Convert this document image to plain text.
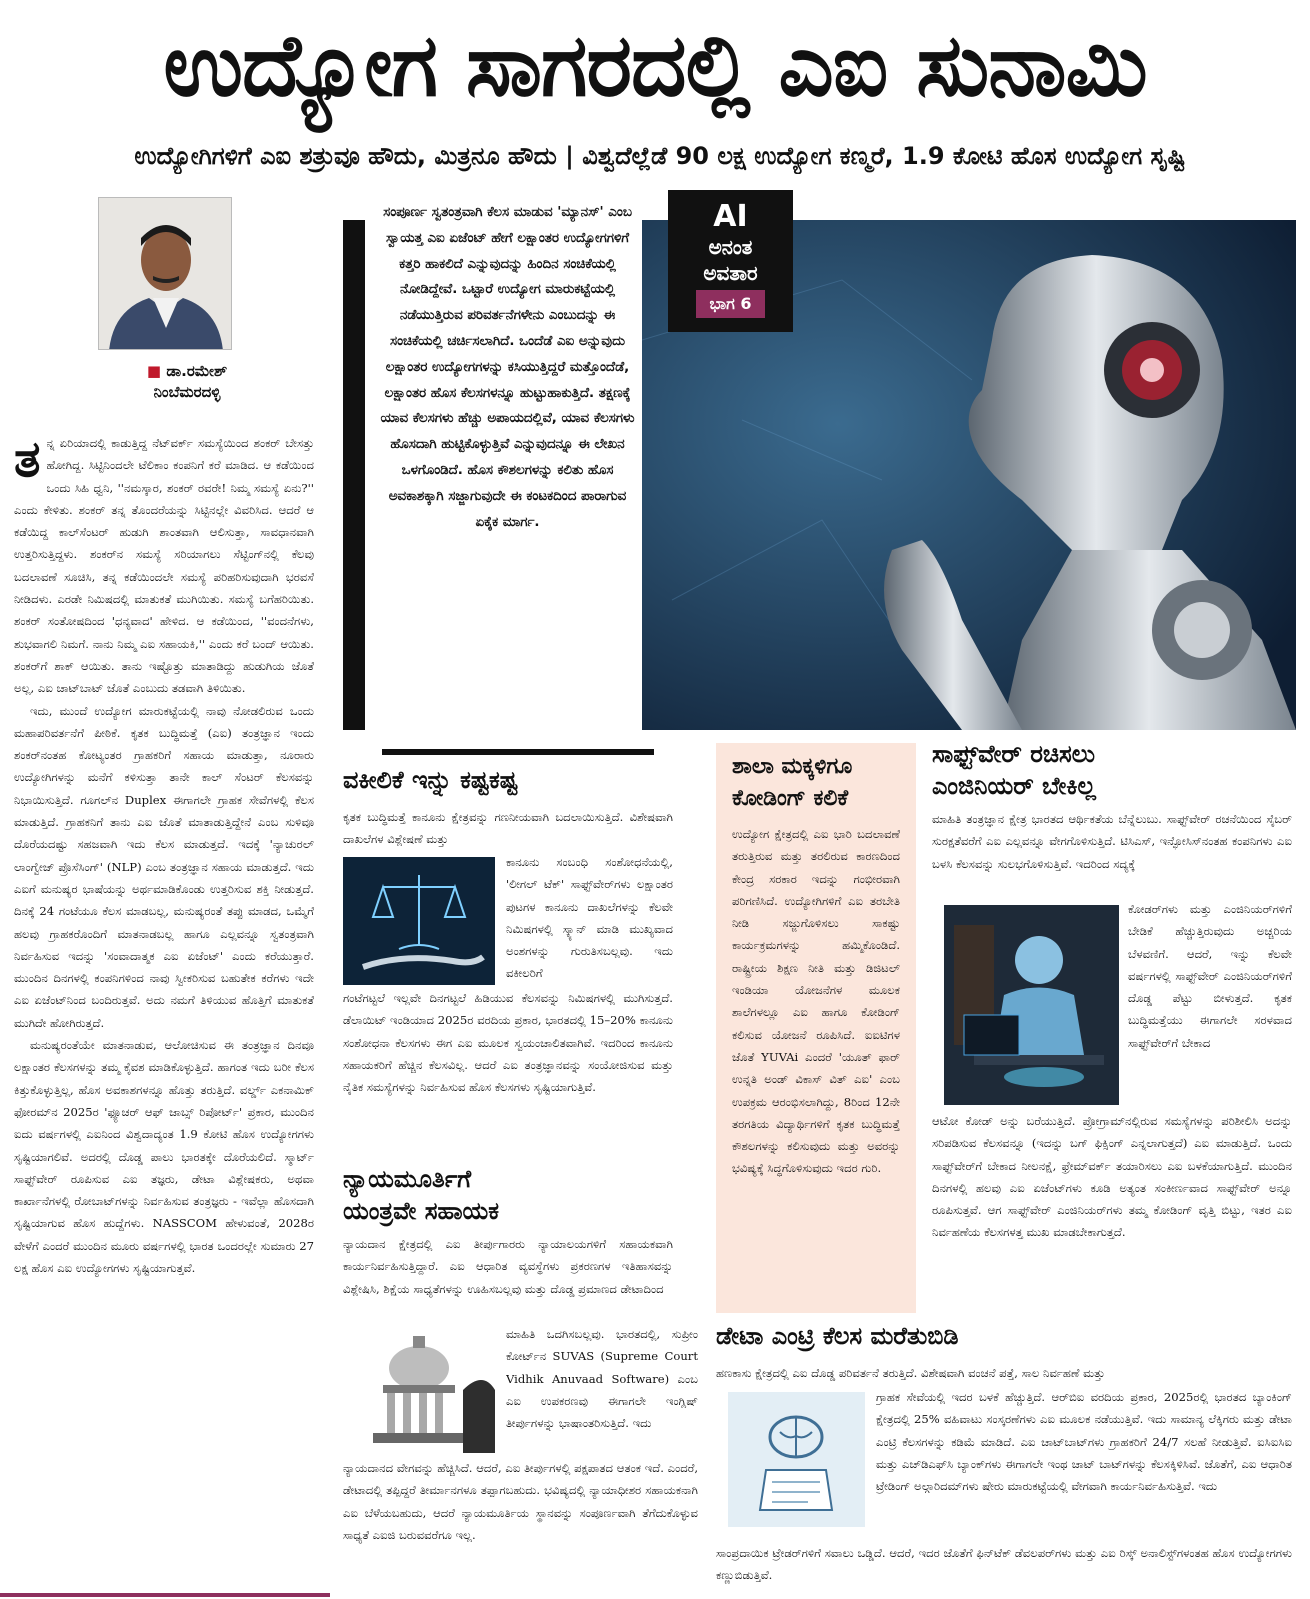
ಉದ್ಯೋಗ ಸಾಗರದಲ್ಲಿ ಎಐ ಸುನಾಮಿ
ಉದ್ಯೋಗಿಗಳಿಗೆ ಎಐ ಶತ್ರುವೂ ಹೌದು, ಮಿತ್ರನೂ ಹೌದು | ವಿಶ್ವದೆಲ್ಲೆಡೆ 90 ಲಕ್ಷ ಉದ್ಯೋಗ ಕಣ್ಮರೆ, 1.9 ಕೋಟಿ ಹೊಸ ಉದ್ಯೋಗ ಸೃಷ್ಟಿ
■ ಡಾ.ರಮೇಶ್
ನಿಂಬೆಮರದಳ್ಳಿ

ತನ್ನ ಏರಿಯಾದಲ್ಲಿ ಕಾಡುತ್ತಿದ್ದ ನೆಟ್‌ವರ್ಕ್ ಸಮಸ್ಯೆಯಿಂದ ಶಂಕರ್ ಬೇಸತ್ತು ಹೋಗಿದ್ದ. ಸಿಟ್ಟಿನಿಂದಲೇ ಟೆಲಿಕಾಂ ಕಂಪನಿಗೆ ಕರೆ ಮಾಡಿದ. ಆ ಕಡೆಯಿಂದ ಒಂದು ಸಿಹಿ ಧ್ವನಿ, ''ನಮಸ್ಕಾರ, ಶಂಕರ್ ರವರೇ! ನಿಮ್ಮ ಸಮಸ್ಯೆ ಏನು?'' ಎಂದು ಕೇಳಿತು. ಶಂಕರ್ ತನ್ನ ತೊಂದರೆಯನ್ನು ಸಿಟ್ಟಿನಲ್ಲೇ ವಿವರಿಸಿದ. ಆದರೆ ಆ ಕಡೆಯಿದ್ದ ಕಾಲ್‌ಸೆಂಟರ್ ಹುಡುಗಿ ಶಾಂತವಾಗಿ ಆಲಿಸುತ್ತಾ, ಸಾವಧಾನವಾಗಿ ಉತ್ತರಿಸುತ್ತಿದ್ದಳು. ಶಂಕರ್‌ನ ಸಮಸ್ಯೆ ಸರಿಯಾಗಲು ಸೆಟ್ಟಿಂಗ್‌ನಲ್ಲಿ ಕೆಲವು ಬದಲಾವಣೆ ಸೂಚಿಸಿ, ತನ್ನ ಕಡೆಯಿಂದಲೇ ಸಮಸ್ಯೆ ಪರಿಹರಿಸುವುದಾಗಿ ಭರವಸೆ ನೀಡಿದಳು. ಎರಡೇ ನಿಮಿಷದಲ್ಲಿ ಮಾತುಕತೆ ಮುಗಿಯಿತು. ಸಮಸ್ಯೆ ಬಗೆಹರಿಯಿತು. ಶಂಕರ್ ಸಂತೋಷದಿಂದ 'ಧನ್ಯವಾದ' ಹೇಳಿದ. ಆ ಕಡೆಯಿಂದ, ''ವಂದನೆಗಳು, ಶುಭವಾಗಲಿ ನಿಮಗೆ. ನಾನು ನಿಮ್ಮ ಎಐ ಸಹಾಯಕಿ,'' ಎಂದು ಕರೆ ಬಂದ್ ಆಯಿತು. ಶಂಕರ್‌ಗೆ ಶಾಕ್ ಆಯಿತು. ತಾನು ಇಷ್ಟೊತ್ತು ಮಾತಾಡಿದ್ದು ಹುಡುಗಿಯ ಜೊತೆ ಅಲ್ಲ, ಎಐ ಚಾಟ್‌ಬಾಟ್ ಜೊತೆ ಎಂಬುದು ತಡವಾಗಿ ತಿಳಿಯಿತು.

ಇದು, ಮುಂದೆ ಉದ್ಯೋಗ ಮಾರುಕಟ್ಟೆಯಲ್ಲಿ ನಾವು ನೋಡಲಿರುವ ಒಂದು ಮಹಾಪರಿವರ್ತನೆಗೆ ಪೀಠಿಕೆ. ಕೃತಕ ಬುದ್ಧಿಮತ್ತೆ (ಎಐ) ತಂತ್ರಜ್ಞಾನ ಇಂದು ಶಂಕರ್‌ನಂತಹ ಕೋಟ್ಯಂತರ ಗ್ರಾಹಕರಿಗೆ ಸಹಾಯ ಮಾಡುತ್ತಾ, ನೂರಾರು ಉದ್ಯೋಗಿಗಳನ್ನು ಮನೆಗೆ ಕಳಿಸುತ್ತಾ ತಾನೇ ಕಾಲ್ ಸೆಂಟರ್ ಕೆಲಸವನ್ನು ನಿಭಾಯಿಸುತ್ತಿದೆ. ಗೂಗಲ್‌ನ Duplex ಈಗಾಗಲೇ ಗ್ರಾಹಕ ಸೇವೆಗಳಲ್ಲಿ ಕೆಲಸ ಮಾಡುತ್ತಿದೆ. ಗ್ರಾಹಕನಿಗೆ ತಾನು ಎಐ ಜೊತೆ ಮಾತಾಡುತ್ತಿದ್ದೇನೆ ಎಂಬ ಸುಳಿವೂ ದೊರೆಯದಷ್ಟು ಸಹಜವಾಗಿ ಇದು ಕೆಲಸ ಮಾಡುತ್ತದೆ. ಇದಕ್ಕೆ 'ನ್ಯಾಚುರಲ್ ಲಾಂಗ್ವೇಜ್ ಪ್ರೊಸೆಸಿಂಗ್' (NLP) ಎಂಬ ತಂತ್ರಜ್ಞಾನ ಸಹಾಯ ಮಾಡುತ್ತದೆ. ಇದು ಎಐಗೆ ಮನುಷ್ಯರ ಭಾಷೆಯನ್ನು ಅರ್ಥಮಾಡಿಕೊಂಡು ಉತ್ತರಿಸುವ ಶಕ್ತಿ ನೀಡುತ್ತದೆ. ದಿನಕ್ಕೆ 24 ಗಂಟೆಯೂ ಕೆಲಸ ಮಾಡಬಲ್ಲ, ಮನುಷ್ಯರಂತೆ ತಪ್ಪು ಮಾಡದ, ಒಮ್ಮೆಗೆ ಹಲವು ಗ್ರಾಹಕರೊಂದಿಗೆ ಮಾತನಾಡಬಲ್ಲ ಹಾಗೂ ಎಲ್ಲವನ್ನೂ ಸ್ವತಂತ್ರವಾಗಿ ನಿರ್ವಹಿಸುವ ಇದನ್ನು 'ಸಂವಾದಾತ್ಮಕ ಎಐ ಏಜೆಂಟ್' ಎಂದು ಕರೆಯುತ್ತಾರೆ. ಮುಂದಿನ ದಿನಗಳಲ್ಲಿ ಕಂಪನಿಗಳಿಂದ ನಾವು ಸ್ವೀಕರಿಸುವ ಬಹುತೇಕ ಕರೆಗಳು ಇದೇ ಎಐ ಏಜೆಂಟ್‌ನಿಂದ ಬಂದಿರುತ್ತವೆ. ಅದು ನಮಗೆ ತಿಳಿಯುವ ಹೊತ್ತಿಗೆ ಮಾತುಕತೆ ಮುಗಿದೇ ಹೋಗಿರುತ್ತದೆ.

ಮನುಷ್ಯರಂತೆಯೇ ಮಾತನಾಡುವ, ಆಲೋಚಿಸುವ ಈ ತಂತ್ರಜ್ಞಾನ ದಿನವೂ ಲಕ್ಷಾಂತರ ಕೆಲಸಗಳನ್ನು ತಮ್ಮ ಕೈವಶ ಮಾಡಿಕೊಳ್ಳುತ್ತಿದೆ. ಹಾಗಂತ ಇದು ಬರೀ ಕೆಲಸ ಕಿತ್ತುಕೊಳ್ಳುತ್ತಿಲ್ಲ, ಹೊಸ ಅವಕಾಶಗಳನ್ನೂ ಹೊತ್ತು ತರುತ್ತಿದೆ. ವರ್ಲ್ಡ್ ಎಕನಾಮಿಕ್ ಫೋರಮ್‌ನ 2025ರ 'ಫ್ಯೂಚರ್ ಆಫ್ ಜಾಬ್ಸ್ ರಿಪೋರ್ಟ್' ಪ್ರಕಾರ, ಮುಂದಿನ ಐದು ವರ್ಷಗಳಲ್ಲಿ ಎಐನಿಂದ ವಿಶ್ವದಾದ್ಯಂತ 1.9 ಕೋಟಿ ಹೊಸ ಉದ್ಯೋಗಗಳು ಸೃಷ್ಟಿಯಾಗಲಿವೆ. ಅದರಲ್ಲಿ ದೊಡ್ಡ ಪಾಲು ಭಾರತಕ್ಕೇ ದೊರೆಯಲಿದೆ. ಸ್ಮಾರ್ಟ್ ಸಾಫ್ಟ್‌ವೇರ್ ರೂಪಿಸುವ ಎಐ ತಜ್ಞರು, ಡೇಟಾ ವಿಶ್ಲೇಷಕರು, ಅಥವಾ ಕಾರ್ಖಾನೆಗಳಲ್ಲಿ ರೋಬಾಟ್‌ಗಳನ್ನು ನಿರ್ವಹಿಸುವ ತಂತ್ರಜ್ಞರು - ಇವೆಲ್ಲಾ ಹೊಸದಾಗಿ ಸೃಷ್ಟಿಯಾಗುವ ಹೊಸ ಹುದ್ದೆಗಳು. NASSCOM ಹೇಳುವಂತೆ, 2028ರ ವೇಳೆಗೆ ಎಂದರೆ ಮುಂದಿನ ಮೂರು ವರ್ಷಗಳಲ್ಲಿ ಭಾರತ ಒಂದರಲ್ಲೇ ಸುಮಾರು 27 ಲಕ್ಷ ಹೊಸ ಎಐ ಉದ್ಯೋಗಗಳು ಸೃಷ್ಟಿಯಾಗುತ್ತವೆ.

ಸಂಪೂರ್ಣ ಸ್ವತಂತ್ರವಾಗಿ ಕೆಲಸ ಮಾಡುವ 'ಮ್ಯಾನಸ್' ಎಂಬ ಸ್ವಾಯತ್ತ ಎಐ ಏಜೆಂಟ್ ಹೇಗೆ ಲಕ್ಷಾಂತರ ಉದ್ಯೋಗಗಳಿಗೆ ಕತ್ತರಿ ಹಾಕಲಿದೆ ಎನ್ನುವುದನ್ನು ಹಿಂದಿನ ಸಂಚಿಕೆಯಲ್ಲಿ ನೋಡಿದ್ದೇವೆ. ಒಟ್ಟಾರೆ ಉದ್ಯೋಗ ಮಾರುಕಟ್ಟೆಯಲ್ಲಿ ನಡೆಯುತ್ತಿರುವ ಪರಿವರ್ತನೆಗಳೇನು ಎಂಬುದನ್ನು ಈ ಸಂಚಿಕೆಯಲ್ಲಿ ಚರ್ಚಿಸಲಾಗಿದೆ. ಒಂದೆಡೆ ಎಐ ಅನ್ನುವುದು ಲಕ್ಷಾಂತರ ಉದ್ಯೋಗಗಳನ್ನು ಕಸಿಯುತ್ತಿದ್ದರೆ ಮತ್ತೊಂದೆಡೆ, ಲಕ್ಷಾಂತರ ಹೊಸ ಕೆಲಸಗಳನ್ನೂ ಹುಟ್ಟುಹಾಕುತ್ತಿದೆ. ತಕ್ಷಣಕ್ಕೆ ಯಾವ ಕೆಲಸಗಳು ಹೆಚ್ಚು ಅಪಾಯದಲ್ಲಿವೆ, ಯಾವ ಕೆಲಸಗಳು ಹೊಸದಾಗಿ ಹುಟ್ಟಿಕೊಳ್ಳುತ್ತಿವೆ ಎನ್ನುವುದನ್ನೂ ಈ ಲೇಖನ ಒಳಗೊಂಡಿದೆ. ಹೊಸ ಕೌಶಲಗಳನ್ನು ಕಲಿತು ಹೊಸ ಅವಕಾಶಕ್ಕಾಗಿ ಸಜ್ಜಾಗುವುದೇ ಈ ಕಂಟಕದಿಂದ ಪಾರಾಗುವ ಏಕೈಕ ಮಾರ್ಗ.

AI
ಅನಂತ
ಅವತಾರ
ಭಾಗ 6
ವಕೀಲಿಕೆ ಇನ್ನು ಕಷ್ಟಕಷ್ಟ
ಕೃತಕ ಬುದ್ಧಿಮತ್ತೆ ಕಾನೂನು ಕ್ಷೇತ್ರವನ್ನು ಗಣನೀಯವಾಗಿ ಬದಲಾಯಿಸುತ್ತಿದೆ. ವಿಶೇಷವಾಗಿ ದಾಖಲೆಗಳ ವಿಶ್ಲೇಷಣೆ ಮತ್ತು
ಕಾನೂನು ಸಂಬಂಧಿ ಸಂಶೋಧನೆಯಲ್ಲಿ, 'ಲೀಗಲ್ ಟೆಕ್' ಸಾಫ್ಟ್‌ವೇರ್‌ಗಳು ಲಕ್ಷಾಂತರ ಪುಟಗಳ ಕಾನೂನು ದಾಖಲೆಗಳನ್ನು ಕೆಲವೇ ನಿಮಿಷಗಳಲ್ಲಿ ಸ್ಕ್ಯಾನ್ ಮಾಡಿ ಮುಖ್ಯವಾದ ಅಂಶಗಳನ್ನು ಗುರುತಿಸಬಲ್ಲವು. ಇದು ವಕೀಲರಿಗೆ
ಗಂಟೆಗಟ್ಟಲೆ ಇಲ್ಲವೇ ದಿನಗಟ್ಟಲೆ ಹಿಡಿಯುವ ಕೆಲಸವನ್ನು ನಿಮಿಷಗಳಲ್ಲಿ ಮುಗಿಸುತ್ತದೆ. ಡೆಲಾಯಿಟ್ ಇಂಡಿಯಾದ 2025ರ ವರದಿಯ ಪ್ರಕಾರ, ಭಾರತದಲ್ಲಿ 15–20% ಕಾನೂನು ಸಂಶೋಧನಾ ಕೆಲಸಗಳು ಈಗ ಎಐ ಮೂಲಕ ಸ್ವಯಂಚಾಲಿತವಾಗಿವೆ. ಇದರಿಂದ ಕಾನೂನು ಸಹಾಯಕರಿಗೆ ಹೆಚ್ಚಿನ ಕೆಲಸವಿಲ್ಲ. ಆದರೆ ಎಐ ತಂತ್ರಜ್ಞಾನವನ್ನು ಸಂಯೋಜಿಸುವ ಮತ್ತು ನೈತಿಕ ಸಮಸ್ಯೆಗಳನ್ನು ನಿರ್ವಹಿಸುವ ಹೊಸ ಕೆಲಸಗಳು ಸೃಷ್ಟಿಯಾಗುತ್ತಿವೆ.
ನ್ಯಾಯಮೂರ್ತಿಗೆ
ಯಂತ್ರವೇ ಸಹಾಯಕ
ನ್ಯಾಯದಾನ ಕ್ಷೇತ್ರದಲ್ಲಿ ಎಐ ತೀರ್ಪುಗಾರರು ನ್ಯಾಯಾಲಯಗಳಿಗೆ ಸಹಾಯಕವಾಗಿ ಕಾರ್ಯನಿರ್ವಹಿಸುತ್ತಿದ್ದಾರೆ. ಎಐ ಆಧಾರಿತ ವ್ಯವಸ್ಥೆಗಳು ಪ್ರಕರಣಗಳ ಇತಿಹಾಸವನ್ನು ವಿಶ್ಲೇಷಿಸಿ, ಶಿಕ್ಷೆಯ ಸಾಧ್ಯತೆಗಳನ್ನು ಊಹಿಸಬಲ್ಲವು ಮತ್ತು ದೊಡ್ಡ ಪ್ರಮಾಣದ ಡೇಟಾದಿಂದ
ಮಾಹಿತಿ ಒದಗಿಸಬಲ್ಲವು. ಭಾರತದಲ್ಲಿ, ಸುಪ್ರೀಂ ಕೋರ್ಟ್‌ನ SUVAS (Supreme Court Vidhik Anuvaad Software) ಎಂಬ ಎಐ ಉಪಕರಣವು ಈಗಾಗಲೇ ಇಂಗ್ಲಿಷ್ ತೀರ್ಪುಗಳನ್ನು ಭಾಷಾಂತರಿಸುತ್ತಿದೆ. ಇದು
ನ್ಯಾಯದಾನದ ವೇಗವನ್ನು ಹೆಚ್ಚಿಸಿದೆ. ಆದರೆ, ಎಐ ತೀರ್ಪುಗಳಲ್ಲಿ ಪಕ್ಷಪಾತದ ಆತಂಕ ಇದೆ. ಎಂದರೆ, ಡೇಟಾದಲ್ಲಿ ತಪ್ಪಿದ್ದರೆ ತೀರ್ಮಾನಗಳೂ ತಪ್ಪಾಗಬಹುದು. ಭವಿಷ್ಯದಲ್ಲಿ ನ್ಯಾಯಾಧೀಶರ ಸಹಾಯಕನಾಗಿ ಎಐ ಬೆಳೆಯಬಹುದು, ಆದರೆ ನ್ಯಾಯಮೂರ್ತಿಯ ಸ್ಥಾನವನ್ನು ಸಂಪೂರ್ಣವಾಗಿ ತೆಗೆದುಕೊಳ್ಳುವ ಸಾಧ್ಯತೆ ಎಐಜಿ ಬರುವವರೆಗೂ ಇಲ್ಲ.
ಶಾಲಾ ಮಕ್ಕಳಿಗೂ
ಕೋಡಿಂಗ್ ಕಲಿಕೆ

ಉದ್ಯೋಗ ಕ್ಷೇತ್ರದಲ್ಲಿ ಎಐ ಭಾರಿ ಬದಲಾವಣೆ ತರುತ್ತಿರುವ ಮತ್ತು ತರಲಿರುವ ಕಾರಣದಿಂದ ಕೇಂದ್ರ ಸರಕಾರ ಇದನ್ನು ಗಂಭೀರವಾಗಿ ಪರಿಗಣಿಸಿದೆ. ಉದ್ಯೋಗಿಗಳಿಗೆ ಎಐ ತರಬೇತಿ ನೀಡಿ ಸಜ್ಜುಗೊಳಿಸಲು ಸಾಕಷ್ಟು ಕಾರ್ಯಕ್ರಮಗಳನ್ನು ಹಮ್ಮಿಕೊಂಡಿದೆ. ರಾಷ್ಟ್ರೀಯ ಶಿಕ್ಷಣ ನೀತಿ ಮತ್ತು ಡಿಜಿಟಲ್ ಇಂಡಿಯಾ ಯೋಜನೆಗಳ ಮೂಲಕ ಶಾಲೆಗಳಲ್ಲೂ ಎಐ ಹಾಗೂ ಕೋಡಿಂಗ್ ಕಲಿಸುವ ಯೋಜನೆ ರೂಪಿಸಿದೆ. ಐಐಟಿಗಳ ಜೊತೆ YUVAi ಎಂದರೆ 'ಯೂತ್ ಫಾರ್ ಉನ್ನತಿ ಅಂಡ್ ವಿಕಾಸ್ ವಿತ್ ಎಐ' ಎಂಬ ಉಪಕ್ರಮ ಆರಂಭಿಸಲಾಗಿದ್ದು, 8ರಿಂದ 12ನೇ ತರಗತಿಯ ವಿದ್ಯಾರ್ಥಿಗಳಿಗೆ ಕೃತಕ ಬುದ್ಧಿಮತ್ತೆ ಕೌಶಲಗಳನ್ನು ಕಲಿಸುವುದು ಮತ್ತು ಅವರನ್ನು ಭವಿಷ್ಯಕ್ಕೆ ಸಿದ್ಧಗೊಳಿಸುವುದು ಇದರ ಗುರಿ.

ಸಾಫ್ಟ್‌ವೇರ್ ರಚಿಸಲು
ಎಂಜಿನಿಯರ್ ಬೇಕಿಲ್ಲ
ಮಾಹಿತಿ ತಂತ್ರಜ್ಞಾನ ಕ್ಷೇತ್ರ ಭಾರತದ ಆರ್ಥಿಕತೆಯ ಬೆನ್ನೆಲುಬು. ಸಾಫ್ಟ್‌ವೇರ್ ರಚನೆಯಿಂದ ಸೈಬರ್ ಸುರಕ್ಷತೆವರೆಗೆ ಎಐ ಎಲ್ಲವನ್ನೂ ವೇಗಗೊಳಿಸುತ್ತಿದೆ. ಟಿಸಿಎಸ್, ಇನ್ಫೋಸಿಸ್‌ನಂತಹ ಕಂಪನಿಗಳು ಎಐ ಬಳಸಿ ಕೆಲಸವನ್ನು ಸುಲಭಗೊಳಿಸುತ್ತಿವೆ. ಇದರಿಂದ ಸದ್ಯಕ್ಕೆ
ಕೋಡರ್‌ಗಳು ಮತ್ತು ಎಂಜಿನಿಯರ್‌ಗಳಿಗೆ ಬೇಡಿಕೆ ಹೆಚ್ಚುತ್ತಿರುವುದು ಅಚ್ಚರಿಯ ಬೆಳವಣಿಗೆ. ಆದರೆ, ಇನ್ನು ಕೆಲವೇ ವರ್ಷಗಳಲ್ಲಿ ಸಾಫ್ಟ್‌ವೇರ್ ಎಂಜಿನಿಯರ್‌ಗಳಿಗೆ ದೊಡ್ಡ ಪೆಟ್ಟು ಬೀಳುತ್ತದೆ. ಕೃತಕ ಬುದ್ಧಿಮತ್ತೆಯು ಈಗಾಗಲೇ ಸರಳವಾದ ಸಾಫ್ಟ್‌ವೇರ್‌ಗೆ ಬೇಕಾದ
ಆಟೋ ಕೋಡ್ ಅನ್ನು ಬರೆಯುತ್ತಿದೆ. ಪ್ರೋಗ್ರಾಮ್‌ನಲ್ಲಿರುವ ಸಮಸ್ಯೆಗಳನ್ನು ಪರಿಶೀಲಿಸಿ ಅದನ್ನು ಸರಿಪಡಿಸುವ ಕೆಲಸವನ್ನೂ (ಇದನ್ನು ಬಗ್ ಫಿಕ್ಸಿಂಗ್ ಎನ್ನಲಾಗುತ್ತದೆ) ಎಐ ಮಾಡುತ್ತಿದೆ. ಒಂದು ಸಾಫ್ಟ್‌ವೇರ್‌ಗೆ ಬೇಕಾದ ನೀಲನಕ್ಷೆ, ಫ್ರೇಮ್‌ವರ್ಕ್ ತಯಾರಿಸಲು ಎಐ ಬಳಕೆಯಾಗುತ್ತಿದೆ. ಮುಂದಿನ ದಿನಗಳಲ್ಲಿ ಹಲವು ಎಐ ಏಜೆಂಟ್‌ಗಳು ಕೂಡಿ ಅತ್ಯಂತ ಸಂಕೀರ್ಣವಾದ ಸಾಫ್ಟ್‌ವೇರ್ ಅನ್ನೂ ರೂಪಿಸುತ್ತವೆ. ಆಗ ಸಾಫ್ಟ್‌ವೇರ್ ಎಂಜಿನಿಯರ್‌ಗಳು ತಮ್ಮ ಕೋಡಿಂಗ್ ವೃತ್ತಿ ಬಿಟ್ಟು, ಇತರ ಎಐ ನಿರ್ವಹಣೆಯ ಕೆಲಸಗಳತ್ತ ಮುಖ ಮಾಡಬೇಕಾಗುತ್ತದೆ.
ಡೇಟಾ ಎಂಟ್ರಿ ಕೆಲಸ ಮರೆತುಬಿಡಿ
ಹಣಕಾಸು ಕ್ಷೇತ್ರದಲ್ಲಿ ಎಐ ದೊಡ್ಡ ಪರಿವರ್ತನೆ ತರುತ್ತಿದೆ. ವಿಶೇಷವಾಗಿ ವಂಚನೆ ಪತ್ತೆ, ಸಾಲ ನಿರ್ವಹಣೆ ಮತ್ತು
ಗ್ರಾಹಕ ಸೇವೆಯಲ್ಲಿ ಇದರ ಬಳಕೆ ಹೆಚ್ಚುತ್ತಿದೆ. ಆರ್‌ಬಿಐ ವರದಿಯ ಪ್ರಕಾರ, 2025ರಲ್ಲಿ ಭಾರತದ ಬ್ಯಾಂಕಿಂಗ್ ಕ್ಷೇತ್ರದಲ್ಲಿ 25% ವಹಿವಾಟು ಸಂಸ್ಕರಣೆಗಳು ಎಐ ಮೂಲಕ ನಡೆಯುತ್ತಿವೆ. ಇದು ಸಾಮಾನ್ಯ ಲೆಕ್ಕಿಗರು ಮತ್ತು ಡೇಟಾ ಎಂಟ್ರಿ ಕೆಲಸಗಳನ್ನು ಕಡಿಮೆ ಮಾಡಿದೆ. ಎಐ ಚಾಟ್‌ಬಾಟ್‌ಗಳು ಗ್ರಾಹಕರಿಗೆ 24/7 ಸಲಹೆ ನೀಡುತ್ತಿವೆ. ಐಸಿಐಸಿಐ ಮತ್ತು ಎಚ್‌ಡಿಎಫ್‌ಸಿ ಬ್ಯಾಂಕ್‌ಗಳು ಈಗಾಗಲೇ ಇಂಥ ಚಾಟ್ ಬಾಟ್‌ಗಳನ್ನು ಕೆಲಸಕ್ಕಿಳಿಸಿವೆ. ಜೊತೆಗೆ, ಎಐ ಆಧಾರಿತ ಟ್ರೇಡಿಂಗ್ ಅಲ್ಗಾರಿದಮ್‌ಗಳು ಷೇರು ಮಾರುಕಟ್ಟೆಯಲ್ಲಿ ವೇಗವಾಗಿ ಕಾರ್ಯನಿರ್ವಹಿಸುತ್ತಿವೆ. ಇದು
ಸಾಂಪ್ರದಾಯಿಕ ಟ್ರೇಡರ್‌ಗಳಿಗೆ ಸವಾಲು ಒಡ್ಡಿದೆ. ಆದರೆ, ಇದರ ಜೊತೆಗೆ ಫಿನ್‌ಟೆಕ್ ಡೆವಲಪರ್‌ಗಳು ಮತ್ತು ಎಐ ರಿಸ್ಕ್ ಅನಾಲಿಸ್ಟ್‌ಗಳಂತಹ ಹೊಸ ಉದ್ಯೋಗಗಳು ಕಣ್ಣುಬಿಡುತ್ತಿವೆ.
